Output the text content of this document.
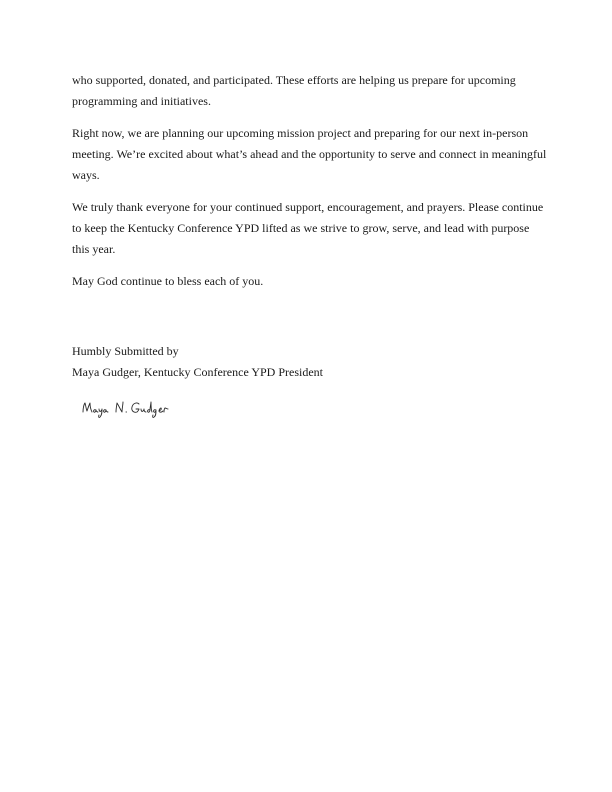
who supported, donated, and participated. These efforts are helping us prepare for upcoming programming and initiatives.

Right now, we are planning our upcoming mission project and preparing for our next in-person meeting. We’re excited about what’s ahead and the opportunity to serve and connect in meaningful ways.

We truly thank everyone for your continued support, encouragement, and prayers. Please continue to keep the Kentucky Conference YPD lifted as we strive to grow, serve, and lead with purpose this year.

May God continue to bless each of you.

Humbly Submitted by

Maya Gudger, Kentucky Conference YPD President
